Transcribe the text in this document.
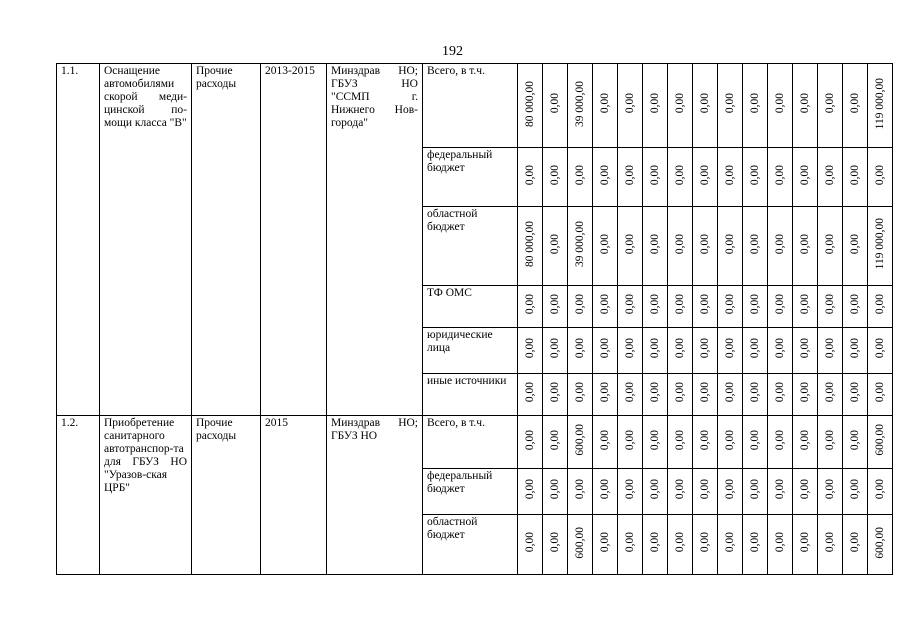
192
1.1.	Оснащение автомобилями скорой меди-цинской по-мощи класса "В"	Прочие расходы	2013-2015	Минздрав НО; ГБУЗ НО "ССМП г. Нижнего Нов-города"	Всего, в т.ч.	80 000,00	0,00	39 000,00	0,00	0,00	0,00	0,00	0,00	0,00	0,00	0,00	0,00	0,00	0,00	119 000,00

					федеральный бюджет	0,00	0,00	0,00	0,00	0,00	0,00	0,00	0,00	0,00	0,00	0,00	0,00	0,00	0,00	0,00

					областной бюджет	80 000,00	0,00	39 000,00	0,00	0,00	0,00	0,00	0,00	0,00	0,00	0,00	0,00	0,00	0,00	119 000,00

					ТФ ОМС	0,00	0,00	0,00	0,00	0,00	0,00	0,00	0,00	0,00	0,00	0,00	0,00	0,00	0,00	0,00

					юридические лица	0,00	0,00	0,00	0,00	0,00	0,00	0,00	0,00	0,00	0,00	0,00	0,00	0,00	0,00	0,00

					иные источники	0,00	0,00	0,00	0,00	0,00	0,00	0,00	0,00	0,00	0,00	0,00	0,00	0,00	0,00	0,00

1.2.	Приобретение санитарного автотранспор-та для ГБУЗ НО "Уразов-ская ЦРБ"	Прочие расходы	2015	Минздрав НО; ГБУЗ НО	Всего, в т.ч.	0,00	0,00	600,00	0,00	0,00	0,00	0,00	0,00	0,00	0,00	0,00	0,00	0,00	0,00	600,00

					федеральный бюджет	0,00	0,00	0,00	0,00	0,00	0,00	0,00	0,00	0,00	0,00	0,00	0,00	0,00	0,00	0,00

					областной бюджет	0,00	0,00	600,00	0,00	0,00	0,00	0,00	0,00	0,00	0,00	0,00	0,00	0,00	0,00	600,00
